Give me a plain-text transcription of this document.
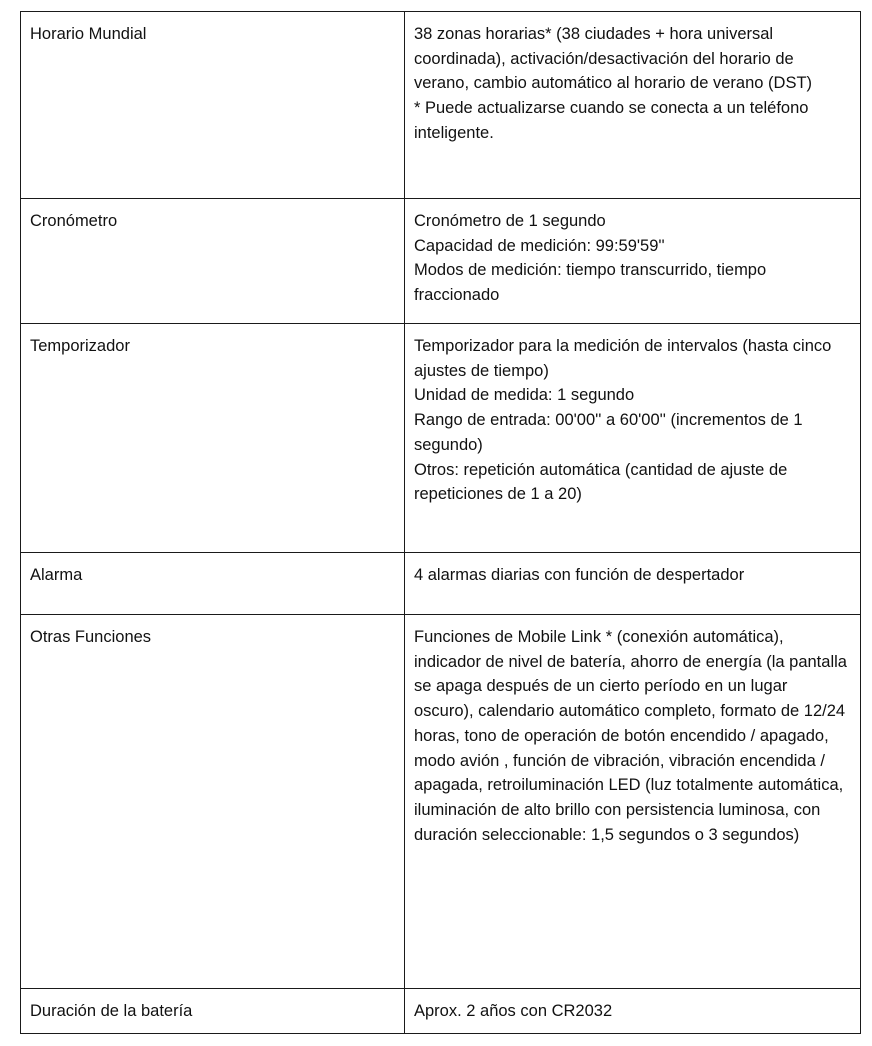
Horario Mundial	38 zonas horarias* (38 ciudades + hora universal coordinada), activación/desactivación del horario de verano, cambio automático al horario de verano (DST)
* Puede actualizarse cuando se conecta a un teléfono inteligente.

Cronómetro	Cronómetro de 1 segundo
Capacidad de medición: 99:59'59''
Modos de medición: tiempo transcurrido, tiempo fraccionado

Temporizador	Temporizador para la medición de intervalos (hasta cinco ajustes de tiempo)
Unidad de medida: 1 segundo
Rango de entrada: 00'00'' a 60'00'' (incrementos de 1 segundo)
Otros: repetición automática (cantidad de ajuste de repeticiones de 1 a 20)

Alarma	4 alarmas diarias con función de despertador

Otras Funciones	Funciones de Mobile Link * (conexión automática), indicador de nivel de batería, ahorro de energía (la pantalla se apaga después de un cierto período en un lugar oscuro), calendario automático completo, formato de 12/24 horas, tono de operación de botón encendido / apagado, modo avión , función de vibración, vibración encendida / apagada, retroiluminación LED (luz totalmente automática, iluminación de alto brillo con persistencia luminosa, con duración seleccionable: 1,5 segundos o 3 segundos)

Duración de la batería	Aprox. 2 años con CR2032
